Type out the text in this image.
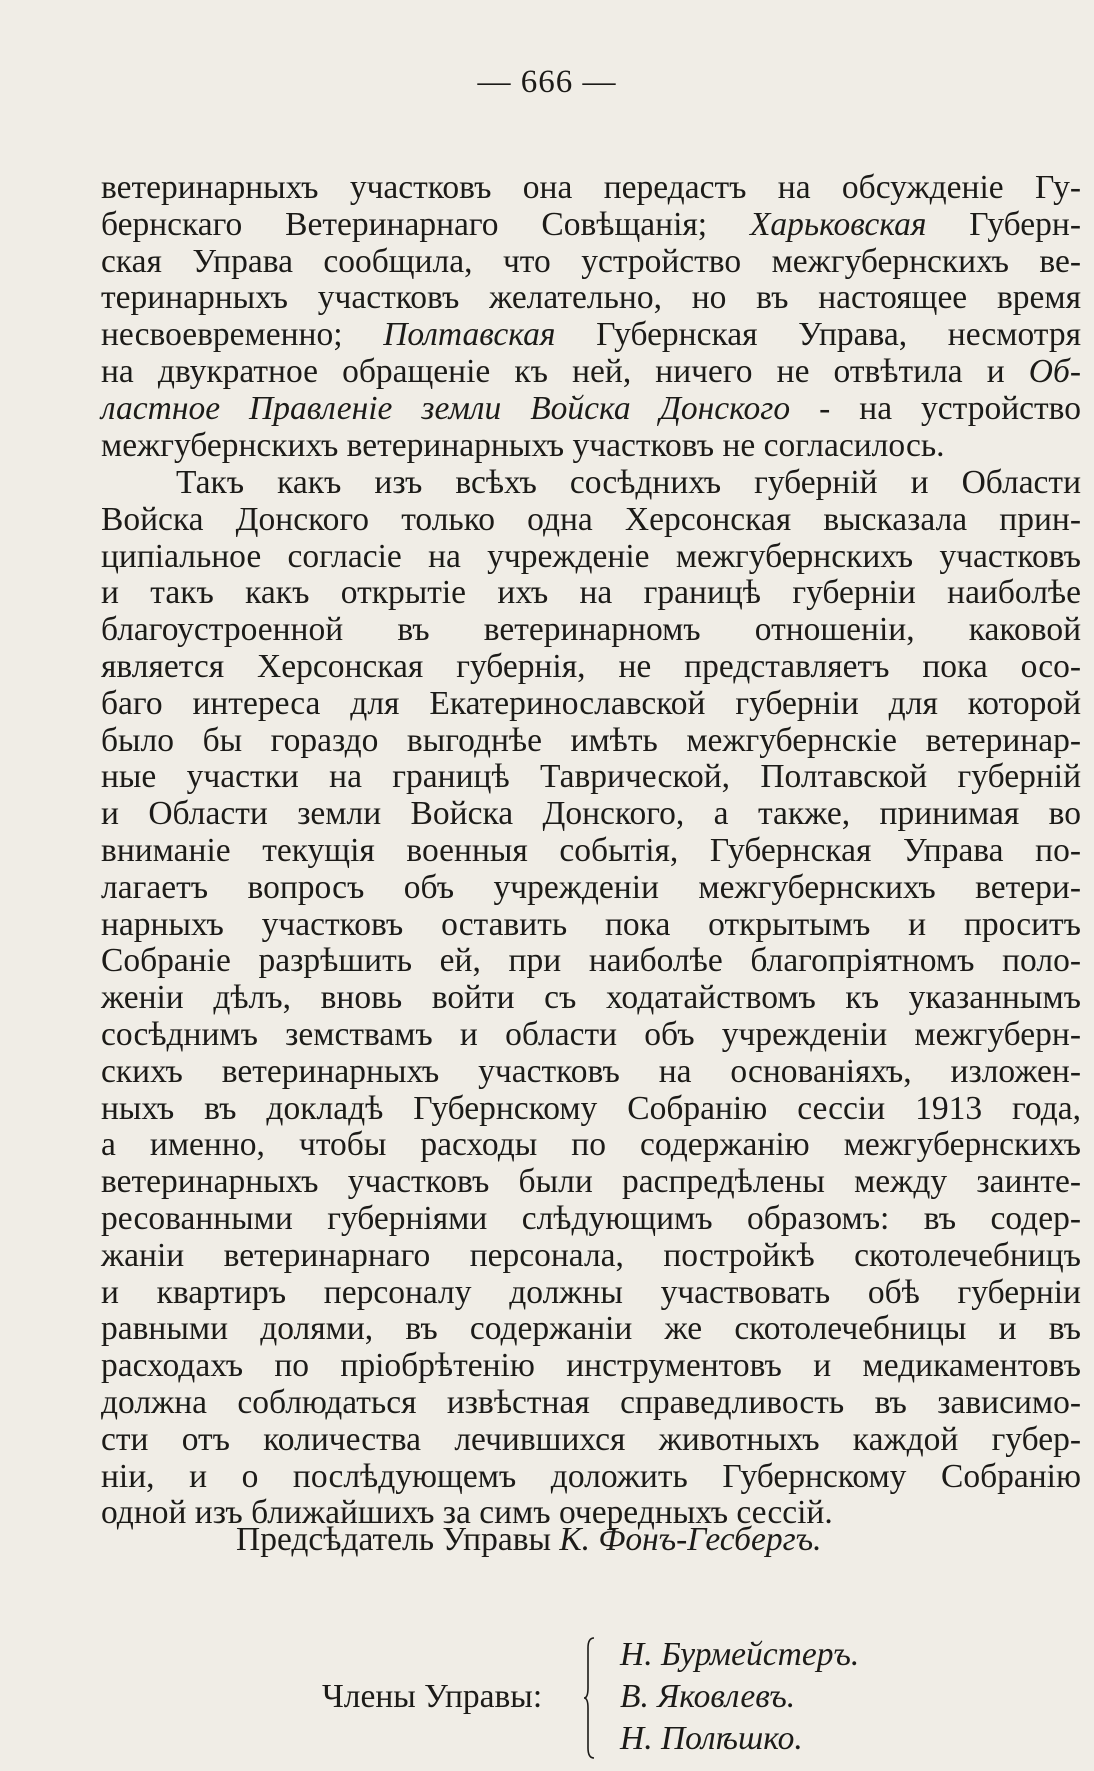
— 666 —
ветеринарныхъ участковъ она передастъ на обсужденіе Гу-
бернскаго Ветеринарнаго Совѣщанія; Харьковская Губерн-
ская Управа сообщила, что устройство межгубернскихъ ве-
теринарныхъ участковъ желательно, но въ настоящее время
несвоевременно; Полтавская Губернская Управа, несмотря
на двукратное обращеніе къ ней, ничего не отвѣтила и Об-
ластное Правленіе земли Войска Донского - на устройство
межгубернскихъ ветеринарныхъ участковъ не согласилось.
Такъ какъ изъ всѣхъ сосѣднихъ губерній и Области
Войска Донского только одна Херсонская высказала прин-
ципіальное согласіе на учрежденіе межгубернскихъ участковъ
и такъ какъ открытіе ихъ на границѣ губерніи наиболѣе
благоустроенной въ ветеринарномъ отношеніи, каковой
является Херсонская губернія, не представляетъ пока осо-
баго интереса для Екатеринославской губерніи для которой
было бы гораздо выгоднѣе имѣть межгубернскіе ветеринар-
ные участки на границѣ Таврической, Полтавской губерній
и Области земли Войска Донского, а также, принимая во
вниманіе текущія военныя событія, Губернская Управа по-
лагаетъ вопросъ объ учрежденіи межгубернскихъ ветери-
нарныхъ участковъ оставить пока открытымъ и проситъ
Собраніе разрѣшить ей, при наиболѣе благопріятномъ поло-
женіи дѣлъ, вновь войти съ ходатайствомъ къ указаннымъ
сосѣднимъ земствамъ и области объ учрежденіи межгуберн-
скихъ ветеринарныхъ участковъ на основаніяхъ, изложен-
ныхъ въ докладѣ Губернскому Собранію сессіи 1913 года,
а именно, чтобы расходы по содержанію межгубернскихъ
ветеринарныхъ участковъ были распредѣлены между заинте-
ресованными губерніями слѣдующимъ образомъ: въ содер-
жаніи ветеринарнаго персонала, постройкѣ скотолечебницъ
и квартиръ персоналу должны участвовать обѣ губерніи
равными долями, въ содержаніи же скотолечебницы и въ
расходахъ по пріобрѣтенію инструментовъ и медикаментовъ
должна соблюдаться извѣстная справедливость въ зависимо-
сти отъ количества лечившихся животныхъ каждой губер-
ніи, и о послѣдующемъ доложить Губернскому Собранію
одной изъ ближайшихъ за симъ очередныхъ сессій.
Предсѣдатель Управы К. Фонъ-Гесбергъ.
Члены Управы:
Н. Бурмейстеръ.
В. Яковлевъ.
Н. Полѣшко.
